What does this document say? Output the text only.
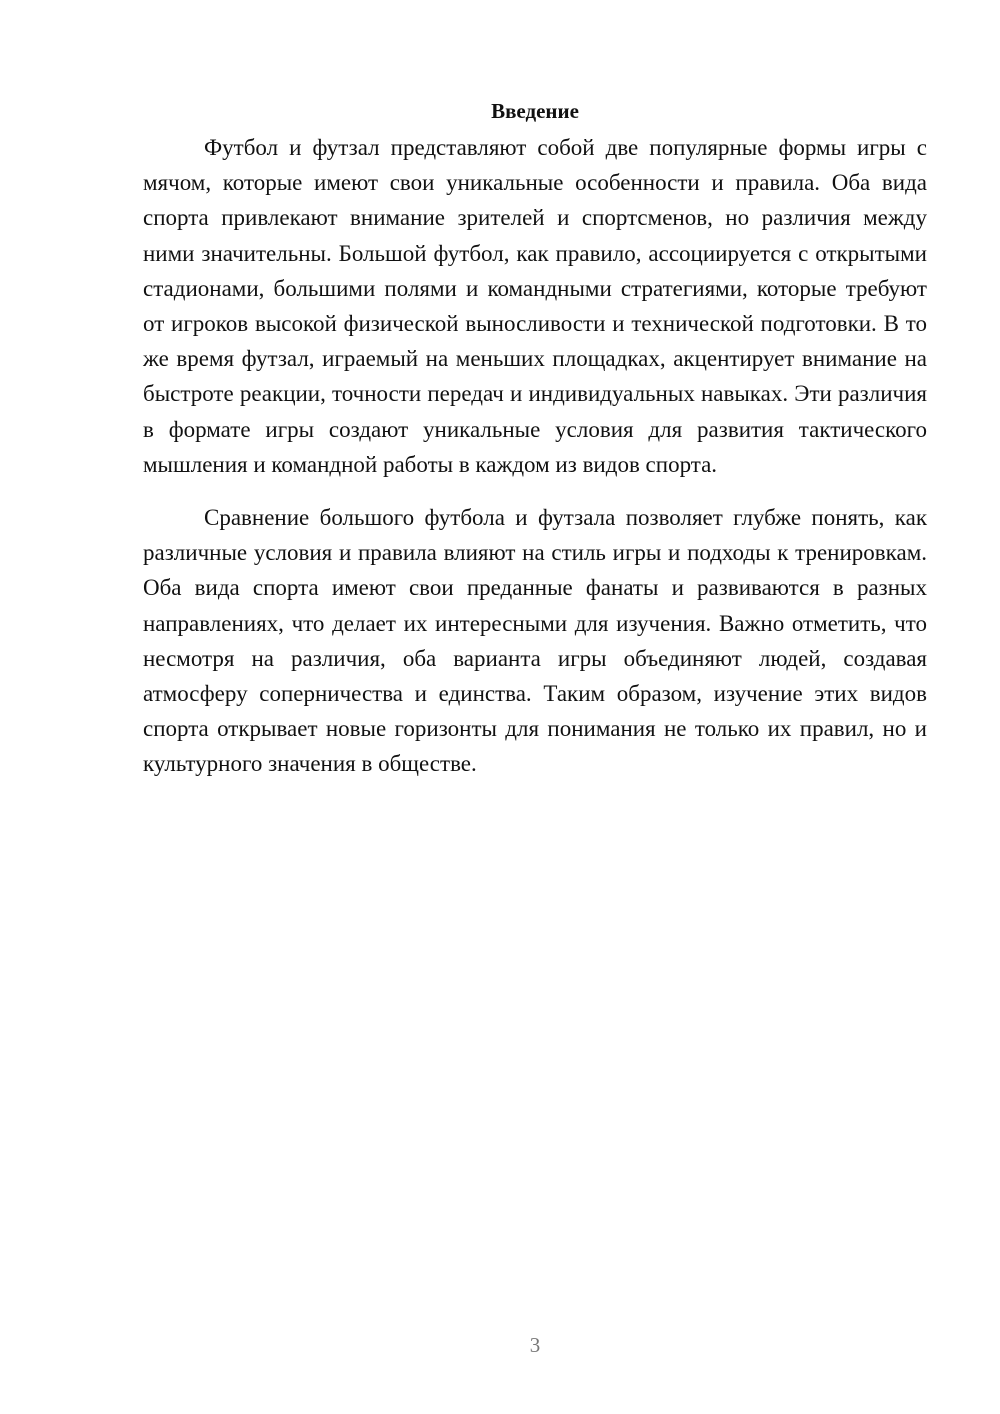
Введение

Футбол и футзал представляют собой две популярные формы игры с мячом, которые имеют свои уникальные особенности и правила. Оба вида спорта привлекают внимание зрителей и спортсменов, но различия между ними значительны. Большой футбол, как правило, ассоциируется с открытыми стадионами, большими полями и командными стратегиями, которые требуют от игроков высокой физической выносливости и технической подготовки. В то же время футзал, играемый на меньших площадках, акцентирует внимание на быстроте реакции, точности передач и индивидуальных навыках. Эти различия в формате игры создают уникальные условия для развития тактического мышления и командной работы в каждом из видов спорта.

Сравнение большого футбола и футзала позволяет глубже понять, как различные условия и правила влияют на стиль игры и подходы к тренировкам. Оба вида спорта имеют свои преданные фанаты и развиваются в разных направлениях, что делает их интересными для изучения. Важно отметить, что несмотря на различия, оба варианта игры объединяют людей, создавая атмосферу соперничества и единства. Таким образом, изучение этих видов спорта открывает новые горизонты для понимания не только их правил, но и культурного значения в обществе.

3
